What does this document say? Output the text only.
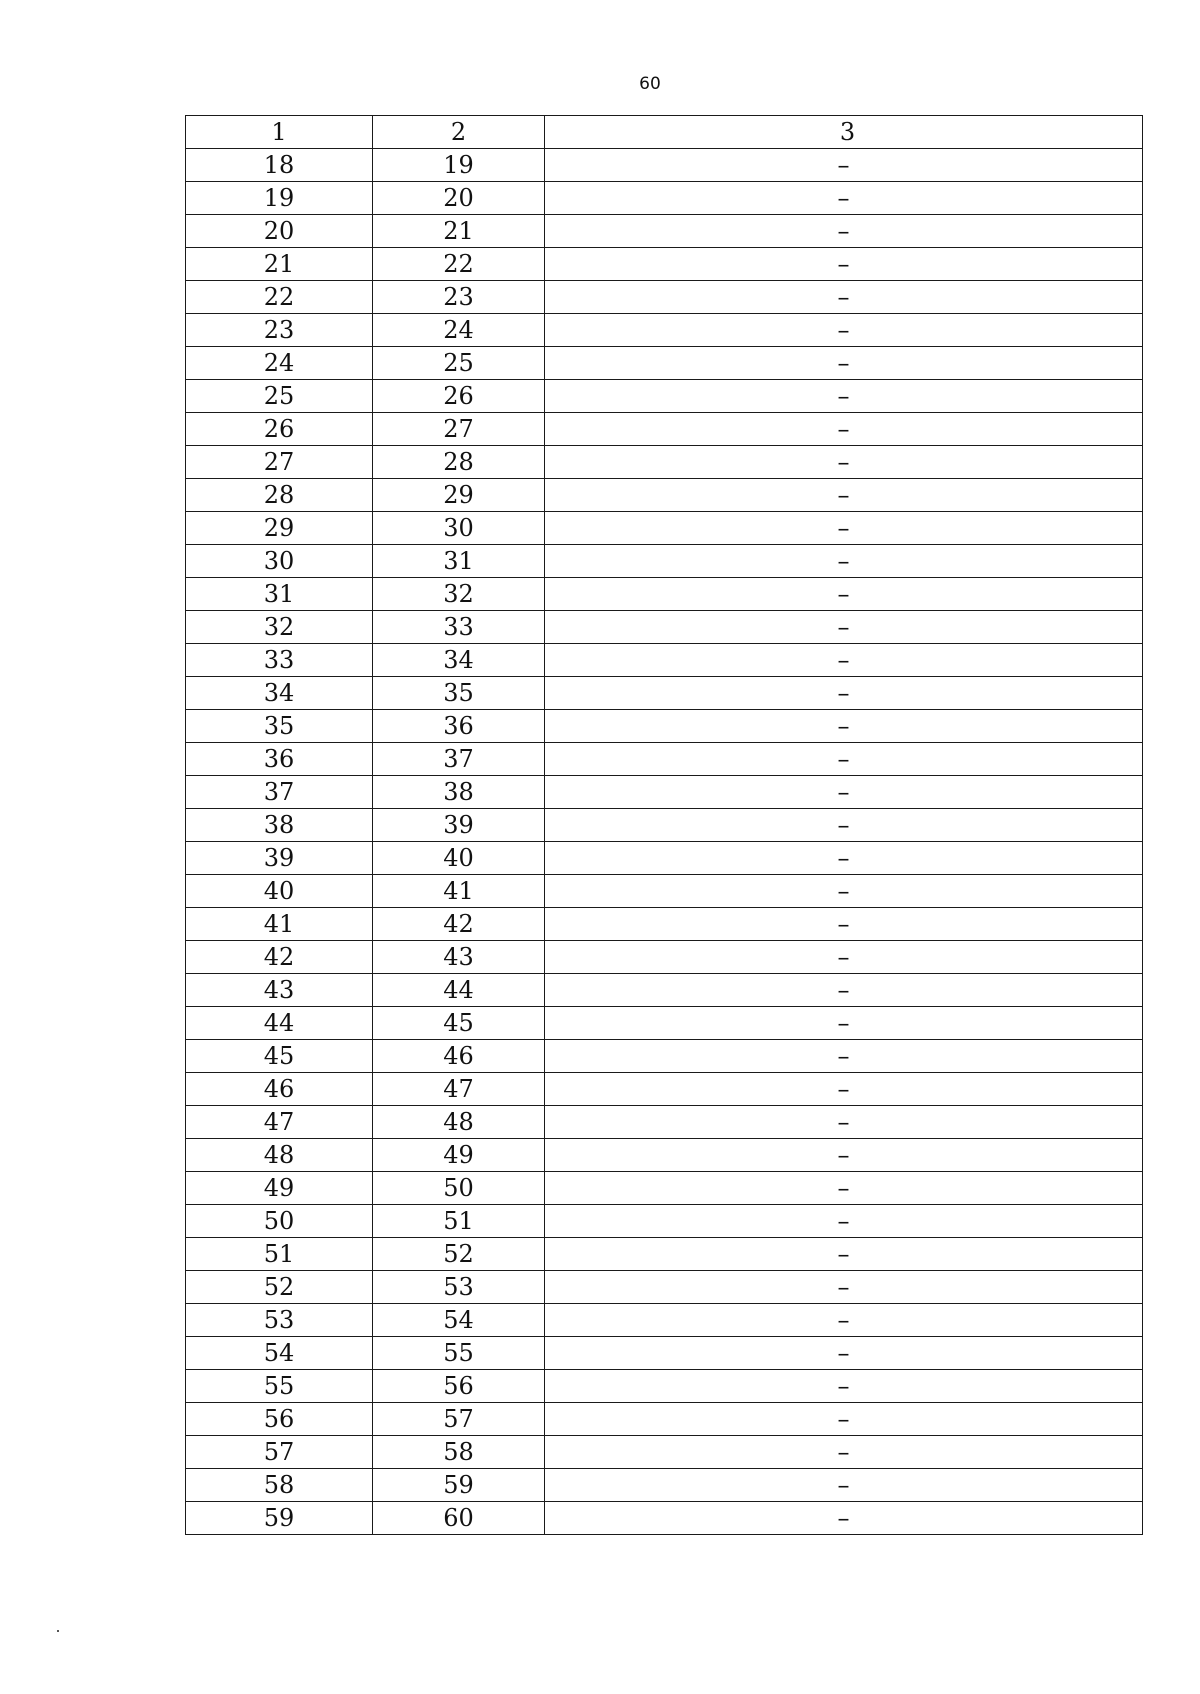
60
1	2	3
18	19	–
19	20	–
20	21	–
21	22	–
22	23	–
23	24	–
24	25	–
25	26	–
26	27	–
27	28	–
28	29	–
29	30	–
30	31	–
31	32	–
32	33	–
33	34	–
34	35	–
35	36	–
36	37	–
37	38	–
38	39	–
39	40	–
40	41	–
41	42	–
42	43	–
43	44	–
44	45	–
45	46	–
46	47	–
47	48	–
48	49	–
49	50	–
50	51	–
51	52	–
52	53	–
53	54	–
54	55	–
55	56	–
56	57	–
57	58	–
58	59	–
59	60	–
